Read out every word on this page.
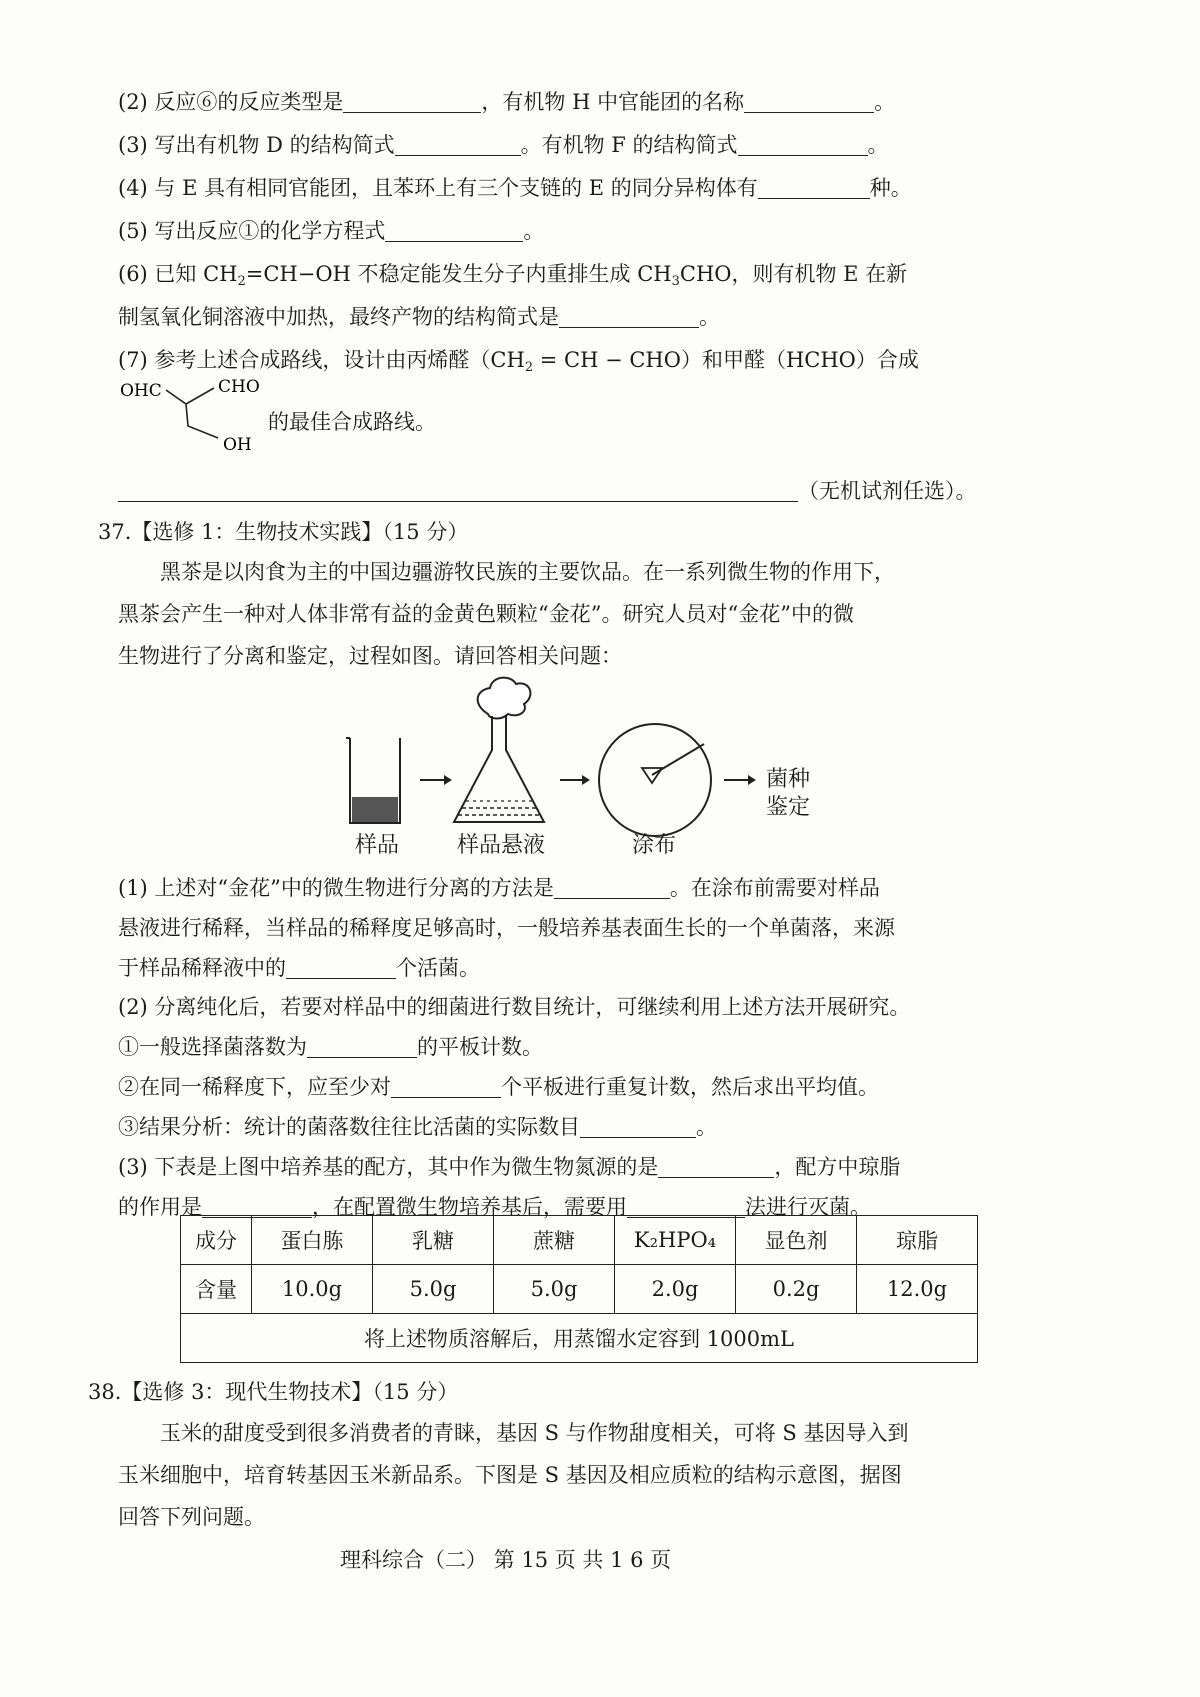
(2) 反应⑥的反应类型是	，有机物 H 中官能团的名称	。
(3) 写出有机物 D 的结构简式	。有机物 F 的结构简式	。
(4) 与 E 具有相同官能团，且苯环上有三个支链的 E 的同分异构体有	种。
(5) 写出反应①的化学方程式	。
(6) 已知 $CH_2=CH-OH$ 不稳定能发生分子内重排生成 $CH_3CHO$，则有机物 E 在新
制氢氧化铜溶液中加热，最终产物的结构简式是	。
(7) 参考上述合成路线，设计由丙烯醛（$CH_2$ = CH − CHO）和甲醛（HCHO）合成
OHC	CHO
OH
的最佳合成路线。
（无机试剂任选）。
37.【选修 1：生物技术实践】（15 分）
黑茶是以肉食为主的中国边疆游牧民族的主要饮品。在一系列微生物的作用下，
黑茶会产生一种对人体非常有益的金黄色颗粒“金花”。研究人员对“金花”中的微
生物进行了分离和鉴定，过程如图。请回答相关问题：
菌种
鉴定
样品	样品悬液	涂布
(1) 上述对“金花”中的微生物进行分离的方法是	。在涂布前需要对样品
悬液进行稀释，当样品的稀释度足够高时，一般培养基表面生长的一个单菌落，来源
于样品稀释液中的	个活菌。
(2) 分离纯化后，若要对样品中的细菌进行数目统计，可继续利用上述方法开展研究。
①一般选择菌落数为	的平板计数。
②在同一稀释度下，应至少对	个平板进行重复计数，然后求出平均值。
③结果分析：统计的菌落数往往比活菌的实际数目	。
(3) 下表是上图中培养基的配方，其中作为微生物氮源的是	，配方中琼脂
的作用是	，在配置微生物培养基后，需要用	法进行灭菌。
成分	蛋白胨	乳糖	蔗糖	K₂HPO₄	显色剂	琼脂
含量	10.0g	5.0g	5.0g	2.0g	0.2g	12.0g
将上述物质溶解后，用蒸馏水定容到 1000mL						
38.【选修 3：现代生物技术】（15 分）
玉米的甜度受到很多消费者的青睐，基因 S 与作物甜度相关，可将 S 基因导入到
玉米细胞中，培育转基因玉米新品系。下图是 S 基因及相应质粒的结构示意图，据图
回答下列问题。
理科综合（二） 第 15 页 共 1 6 页
